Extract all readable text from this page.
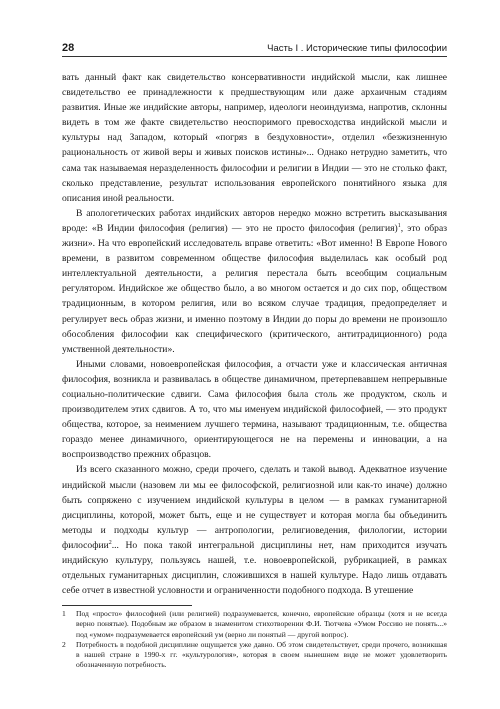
28	Часть I . Исторические типы философии

вать данный факт как свидетельство консервативности индийской мысли, как лишнее свидетельство ее принадлежности к предшествующим или даже архаичным стадиям развития. Иные же индийские авторы, например, идеологи неоиндуизма, напротив, склонны видеть в том же факте свидетельство неоспоримого превосходства индийской мысли и культуры над Западом, который «погряз в бездуховности», отделил «безжизненную рациональность от живой веры и живых поисков истины»... Однако нетрудно заметить, что сама так называемая неразделенность философии и религии в Индии — это не столько факт, сколько представление, результат использования европейского понятийного языка для описания иной реальности.

В апологетических работах индийских авторов нередко можно встретить высказывания вроде: «В Индии философия (религия) — это не просто философия (религия)$^1$, это образ жизни». На что европейский исследователь вправе ответить: «Вот именно! В Европе Нового времени, в развитом современном обществе философия выделилась как особый род интеллектуальной деятельности, а религия перестала быть всеобщим социальным регулятором. Индийское же общество было, а во многом остается и до сих пор, обществом традиционным, в котором религия, или во всяком случае традиция, предопределяет и регулирует весь образ жизни, и именно поэтому в Индии до поры до времени не произошло обособления философии как специфического (критического, антитрадиционного) рода умственной деятельности».

Иными словами, новоевропейская философия, а отчасти уже и классическая античная философия, возникла и развивалась в обществе динамичном, претерпевавшем непрерывные социально-политические сдвиги. Сама философия была столь же продуктом, сколь и производителем этих сдвигов. А то, что мы именуем индийской философией, — это продукт общества, которое, за неимением лучшего термина, называют традиционным, т.е. общества гораздо менее динамичного, ориентирующегося не на перемены и инновации, а на воспроизводство прежних образцов.

Из всего сказанного можно, среди прочего, сделать и такой вывод. Адекватное изучение индийской мысли (назовем ли мы ее философской, религиозной или как-то иначе) должно быть сопряжено с изучением индийской культуры в целом — в рамках гуманитарной дисциплины, которой, может быть, еще и не существует и которая могла бы объединить методы и подходы культур — антропологии, религиоведения, филологии, истории философии$^2$... Но пока такой интегральной дисциплины нет, нам приходится изучать индийскую культуру, пользуясь нашей, т.е. новоевропейской, рубрикацией, в рамках отдельных гуманитарных дисциплин, сложившихся в нашей культуре. Надо лишь отдавать себе отчет в известной условности и ограниченности подобного подхода. В утешение

1	Под «просто» философией (или религией) подразумевается, конечно, европейские образцы (хотя и не всегда верно понятые). Подобным же образом в знаменитом стихотворении Ф.И. Тютчева «Умом Россию не понять...» под «умом» подразумевается европейский ум (верно ли понятый — другой вопрос).
2	Потребность в подобной дисциплине ощущается уже давно. Об этом свидетельствует, среди прочего, возникшая в нашей стране в 1990-х гг. «культурология», которая в своем нынешнем виде не может удовлетворить обозначенную потребность.
